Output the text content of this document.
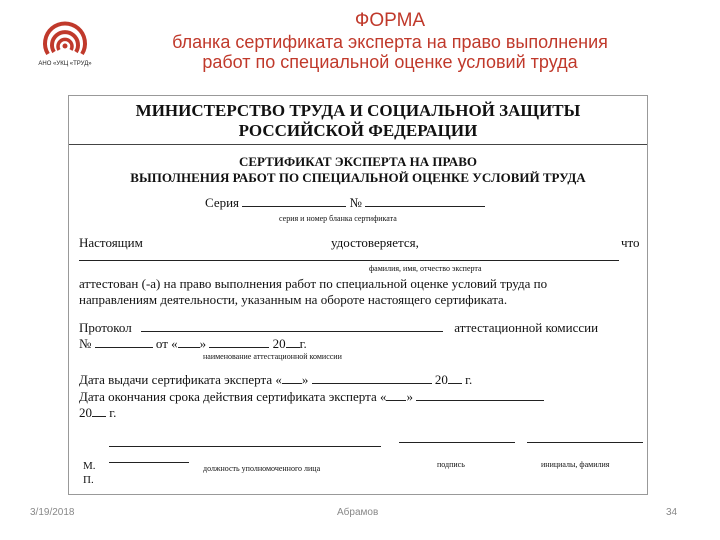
АНО «УКЦ «ТРУД»
ФОРМА
бланка сертификата эксперта на право выполнения
работ по специальной оценке условий труда
МИНИСТЕРСТВО ТРУДА И СОЦИАЛЬНОЙ ЗАЩИТЫ
РОССИЙСКОЙ ФЕДЕРАЦИИ
СЕРТИФИКАТ ЭКСПЕРТА НА ПРАВО
ВЫПОЛНЕНИЯ РАБОТ ПО СПЕЦИАЛЬНОЙ ОЦЕНКЕ УСЛОВИЙ ТРУДА
Серия	№
серия и номер бланка сертификата
Настоящим	удостоверяется,	что
фамилия, имя, отчество эксперта
аттестован (-а) на право выполнения работ по специальной оценке условий труда по
направлениям деятельности, указанным на обороте настоящего сертификата.
Протокол	аттестационной комиссии
№	от « »	20 г.
наименование аттестационной комиссии
Дата выдачи сертификата эксперта « »	20 г.
Дата окончания срока действия сертификата эксперта « »
20 г.
М.
П.
должность уполномоченного лица	подпись	инициалы, фамилия
3/19/2018	Абрамов	34
